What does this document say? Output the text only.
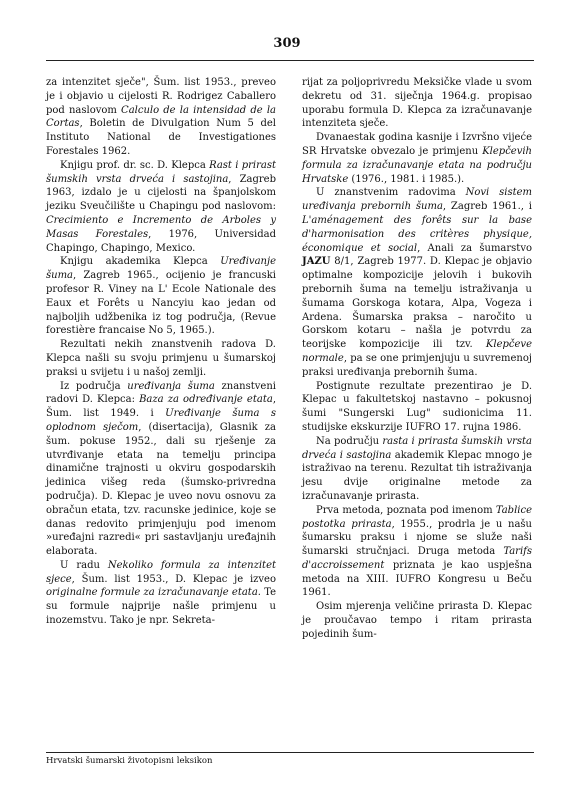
309

za intenzitet sječe", Šum. list 1953., preveo je i objavio u cijelosti R. Rodrigez Caballero pod naslovom Calculo de la intensidad de la Cortas, Boletin de Divulgation Num 5 del Instituto National de Investigationes Forestales 1962.

Knjigu prof. dr. sc. D. Klepca Rast i prirast šumskih vrsta drveća i sastojina, Zagreb 1963, izdalo je u cijelosti na španjolskom jeziku Sveučilište u Chapingu pod naslovom: Crecimiento e Incremento de Arboles y Masas Forestales, 1976, Universidad Chapingo, Chapingo, Mexico.

Knjigu akademika Klepca Uređivanje šuma, Zagreb 1965., ocijenio je francuski profesor R. Viney na L' Ecole Nationale des Eaux et Forêts u Nancyiu kao jedan od najboljih udžbenika iz tog područja, (Revue forestière francaise No 5, 1965.).

Rezultati nekih znanstvenih radova D. Klepca našli su svoju primjenu u šumarskoj praksi u svijetu i u našoj zemlji.

Iz područja uređivanja šuma znanstveni radovi D. Klepca: Baza za određivanje etata, Šum. list 1949. i Uređivanje šuma s oplodnom sječom, (disertacija), Glasnik za šum. pokuse 1952., dali su rješenje za utvrđivanje etata na temelju principa dinamične trajnosti u okviru gospodarskih jedinica višeg reda (šumsko-privredna područja). D. Klepac je uveo novu osnovu za obračun etata, tzv. racunske jedinice, koje se danas redovito primjenjuju pod imenom »uređajni razredi« pri sastavljanju uređajnih elaborata.

U radu Nekoliko formula za intenzitet sjece, Šum. list 1953., D. Klepac je izveo originalne formule za izračunavanje etata. Te su formule najprije našle primjenu u inozemstvu. Tako je npr. Sekreta-

rijat za poljoprivredu Meksičke vlade u svom dekretu od 31. siječnja 1964.g. propisao uporabu formula D. Klepca za izračunavanje intenziteta sječe.

Dvanaestak godina kasnije i Izvršno vijeće SR Hrvatske obvezalo je primjenu Klepčevih formula za izračunavanje etata na području Hrvatske (1976., 1981. i 1985.).

U znanstvenim radovima Novi sistem uređivanja prebornih šuma, Zagreb 1961., i L'aménagement des forêts sur la base d'harmonisation des critères physique, économique et social, Anali za šumarstvo JAZU 8/1, Zagreb 1977. D. Klepac je objavio optimalne kompozicije jelovih i bukovih prebornih šuma na temelju istraživanja u šumama Gorskoga kotara, Alpa, Vogeza i Ardena. Šumarska praksa – naročito u Gorskom kotaru – našla je potvrdu za teorijske kompozicije ili tzv. Klepčeve normale, pa se one primjenjuju u suvremenoj praksi uređivanja prebornih šuma.

Postignute rezultate prezentirao je D. Klepac u fakultetskoj nastavno – pokusnoj šumi "Sungerski Lug" sudionicima 11. studijske ekskurzije IUFRO 17. rujna 1986.

Na području rasta i prirasta šumskih vrsta drveća i sastojina akademik Klepac mnogo je istraživao na terenu. Rezultat tih istraživanja jesu dvije originalne metode za izračunavanje prirasta.

Prva metoda, poznata pod imenom Tablice postotka prirasta, 1955., prodrla je u našu šumarsku praksu i njome se služe naši šumarski stručnjaci. Druga metoda Tarifs d'accroissement priznata je kao uspješna metoda na XIII. IUFRO Kongresu u Beču 1961.

Osim mjerenja veličine prirasta D. Klepac je proučavao tempo i ritam prirasta pojedinih šum-

Hrvatski šumarski životopisni leksikon
